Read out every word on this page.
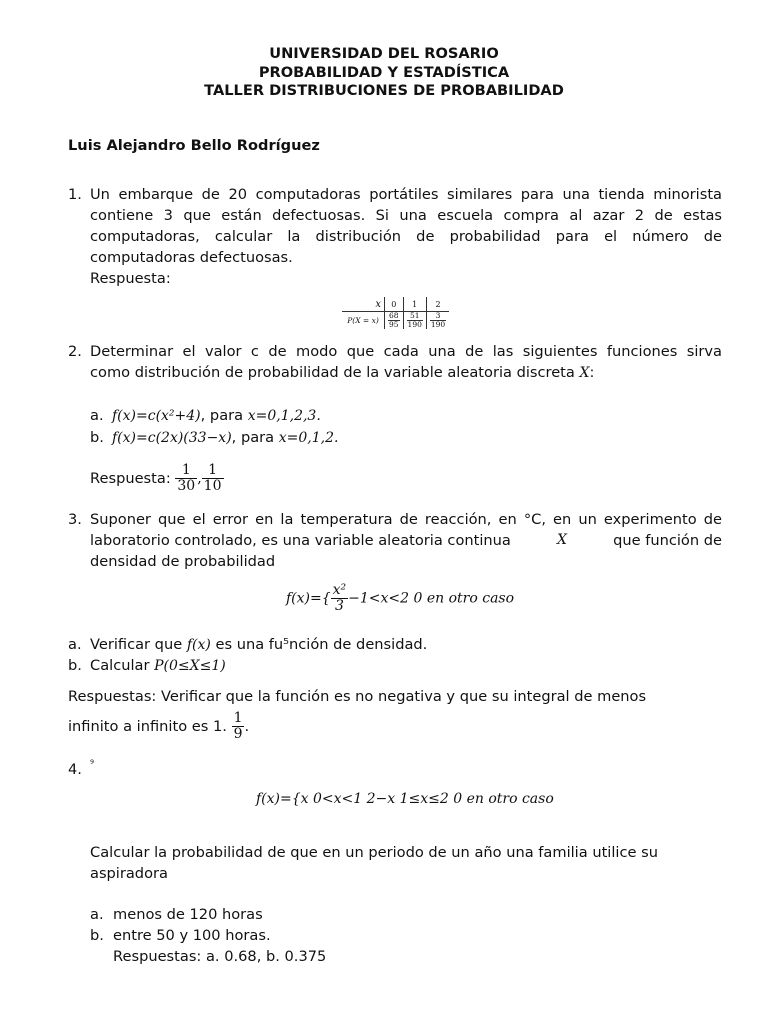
UNIVERSIDAD DEL ROSARIO
PROBABILIDAD Y ESTADÍSTICA
TALLER DISTRIBUCIONES DE PROBABILIDAD
Luis Alejandro Bello Rodríguez
1. Un embarque de 20 computadoras portátiles similares para una tienda minorista
contiene 3 que están defectuosas. Si una escuela compra al azar 2 de estas
computadoras, calcular la distribución de probabilidad para el número de
computadoras defectuosas.
Respuesta:
x	0	1	2
P(X = x)	$\frac{68}{95}$	$\frac{51}{190}$	$\frac{3}{190}$
2. Determinar el valor c de modo que cada una de las siguientes funciones sirva
como distribución de probabilidad de la variable aleatoria discreta X:
a. f(x)=c(x²+4), para x=0,1,2,3.
b. f(x)=c(2x)(33−x), para x=0,1,2.
Respuesta: $\frac{1}{30}$ , $\frac{1}{10}$
3. Suponer que el error en la temperatura de reacción, en °C, en un experimento de
laboratorio controlado, es una variable aleatoria continua	X	que función de
densidad de probabilidad
$f(x)=\{ \frac{\text{x²}}{3} -1<x<2$ 0 en otro caso
a. Verificar que f(x) es una fu⁵nción de densidad.
b. Calcular P(0≤X≤1)
Respuestas: Verificar que la función es no negativa y que su integral de menos
infinito a infinito es 1. $\frac{1}{9}$ .
4. ⁹
f(x)={x 0<x<1 2−x 1≤x≤2 0 en otro caso
Calcular la probabilidad de que en un periodo de un año una familia utilice su
aspiradora
a. menos de 120 horas
b. entre 50 y 100 horas.
Respuestas: a. 0.68, b. 0.375
